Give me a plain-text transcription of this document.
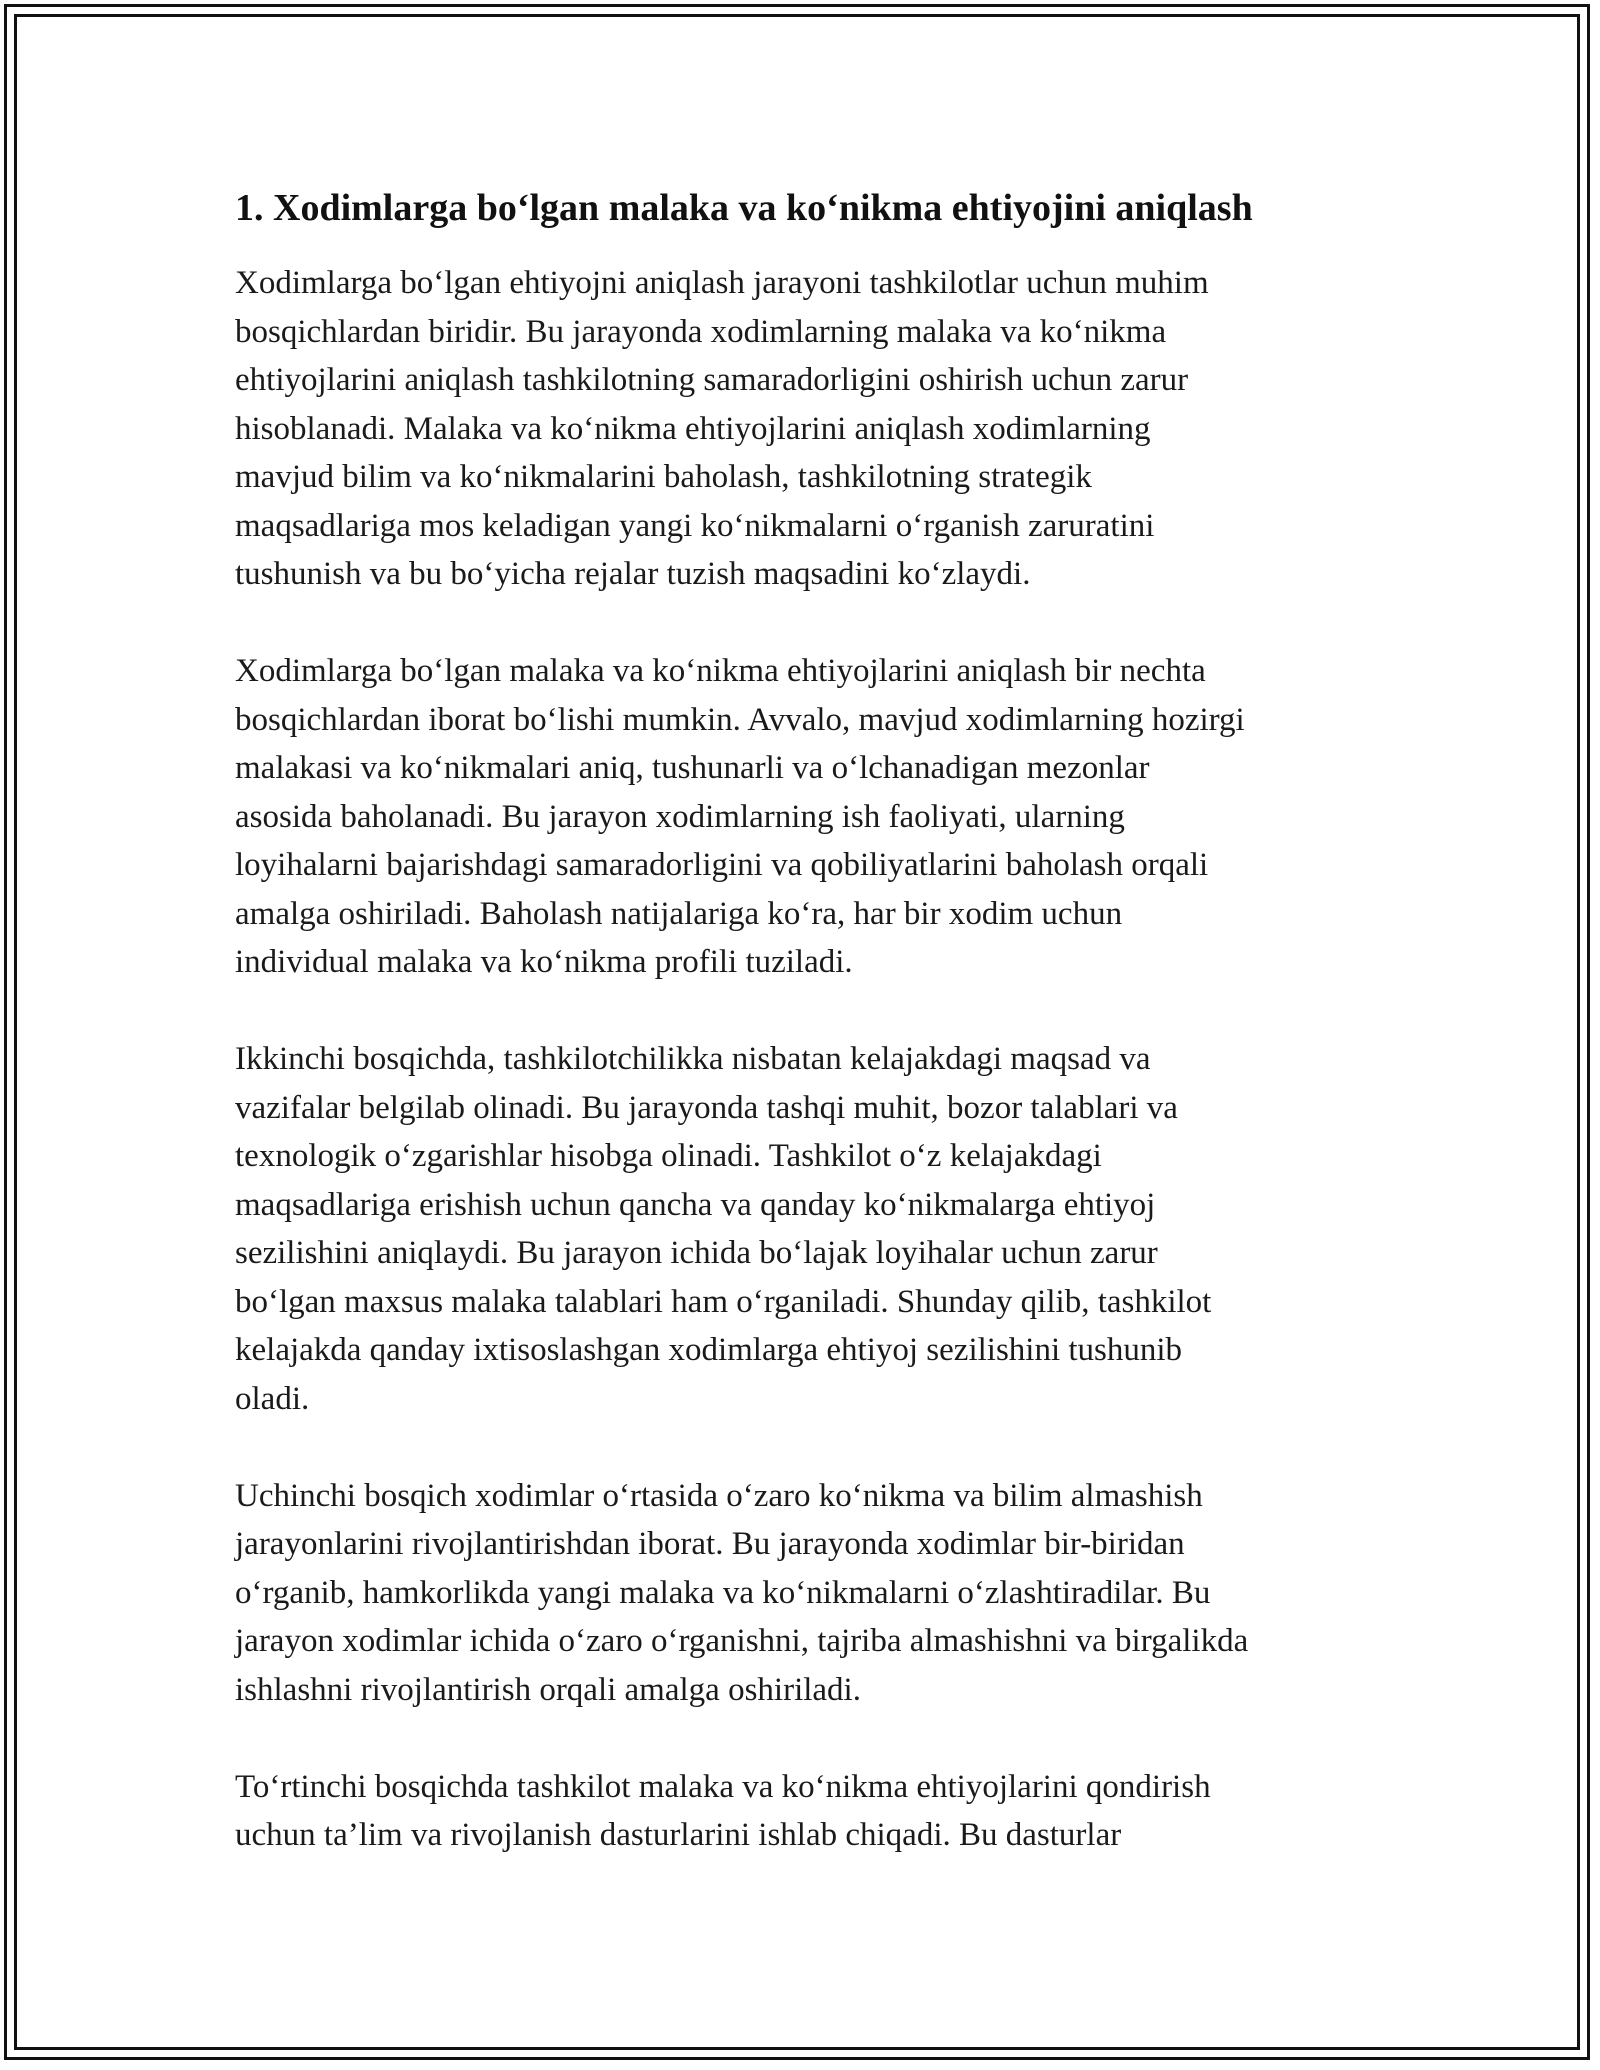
1. Xodimlarga bo‘lgan malaka va ko‘nikma ehtiyojini aniqlash
Xodimlarga bo‘lgan ehtiyojni aniqlash jarayoni tashkilotlar uchun muhim
bosqichlardan biridir. Bu jarayonda xodimlarning malaka va ko‘nikma
ehtiyojlarini aniqlash tashkilotning samaradorligini oshirish uchun zarur
hisoblanadi. Malaka va ko‘nikma ehtiyojlarini aniqlash xodimlarning
mavjud bilim va ko‘nikmalarini baholash, tashkilotning strategik
maqsadlariga mos keladigan yangi ko‘nikmalarni o‘rganish zaruratini
tushunish va bu bo‘yicha rejalar tuzish maqsadini ko‘zlaydi.
Xodimlarga bo‘lgan malaka va ko‘nikma ehtiyojlarini aniqlash bir nechta
bosqichlardan iborat bo‘lishi mumkin. Avvalo, mavjud xodimlarning hozirgi
malakasi va ko‘nikmalari aniq, tushunarli va o‘lchanadigan mezonlar
asosida baholanadi. Bu jarayon xodimlarning ish faoliyati, ularning
loyihalarni bajarishdagi samaradorligini va qobiliyatlarini baholash orqali
amalga oshiriladi. Baholash natijalariga ko‘ra, har bir xodim uchun
individual malaka va ko‘nikma profili tuziladi.
Ikkinchi bosqichda, tashkilotchilikka nisbatan kelajakdagi maqsad va
vazifalar belgilab olinadi. Bu jarayonda tashqi muhit, bozor talablari va
texnologik o‘zgarishlar hisobga olinadi. Tashkilot o‘z kelajakdagi
maqsadlariga erishish uchun qancha va qanday ko‘nikmalarga ehtiyoj
sezilishini aniqlaydi. Bu jarayon ichida bo‘lajak loyihalar uchun zarur
bo‘lgan maxsus malaka talablari ham o‘rganiladi. Shunday qilib, tashkilot
kelajakda qanday ixtisoslashgan xodimlarga ehtiyoj sezilishini tushunib
oladi.
Uchinchi bosqich xodimlar o‘rtasida o‘zaro ko‘nikma va bilim almashish
jarayonlarini rivojlantirishdan iborat. Bu jarayonda xodimlar bir-biridan
o‘rganib, hamkorlikda yangi malaka va ko‘nikmalarni o‘zlashtiradilar. Bu
jarayon xodimlar ichida o‘zaro o‘rganishni, tajriba almashishni va birgalikda
ishlashni rivojlantirish orqali amalga oshiriladi.
To‘rtinchi bosqichda tashkilot malaka va ko‘nikma ehtiyojlarini qondirish
uchun ta’lim va rivojlanish dasturlarini ishlab chiqadi. Bu dasturlar
